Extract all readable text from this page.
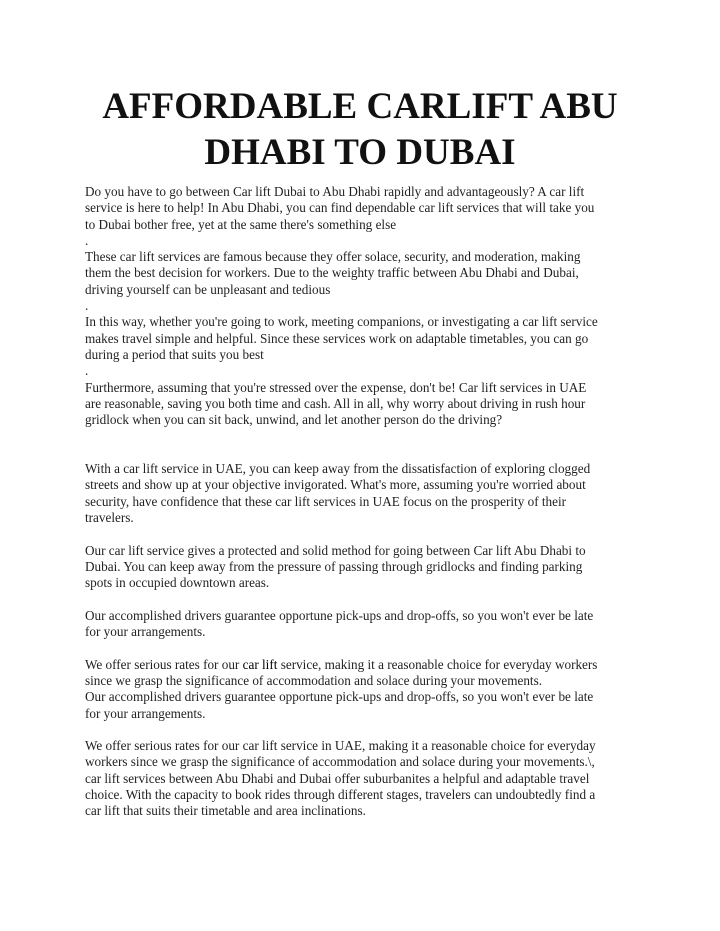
AFFORDABLE CARLIFT ABU
DHABI TO DUBAI
Do you have to go between Car lift Dubai to Abu Dhabi rapidly and advantageously? A car lift
service is here to help! In Abu Dhabi, you can find dependable car lift services that will take you
to Dubai bother free, yet at the same there's something else
.
These car lift services are famous because they offer solace, security, and moderation, making
them the best decision for workers. Due to the weighty traffic between Abu Dhabi and Dubai,
driving yourself can be unpleasant and tedious
.
In this way, whether you're going to work, meeting companions, or investigating a car lift service
makes travel simple and helpful. Since these services work on adaptable timetables, you can go
during a period that suits you best
.
Furthermore, assuming that you're stressed over the expense, don't be! Car lift services in UAE
are reasonable, saving you both time and cash. All in all, why worry about driving in rush hour
gridlock when you can sit back, unwind, and let another person do the driving?
With a car lift service in UAE, you can keep away from the dissatisfaction of exploring clogged
streets and show up at your objective invigorated. What's more, assuming you're worried about
security, have confidence that these car lift services in UAE focus on the prosperity of their
travelers.
Our car lift service gives a protected and solid method for going between Car lift Abu Dhabi to
Dubai. You can keep away from the pressure of passing through gridlocks and finding parking
spots in occupied downtown areas.
Our accomplished drivers guarantee opportune pick-ups and drop-offs, so you won't ever be late
for your arrangements.
We offer serious rates for our car lift service, making it a reasonable choice for everyday workers
since we grasp the significance of accommodation and solace during your movements.
Our accomplished drivers guarantee opportune pick-ups and drop-offs, so you won't ever be late
for your arrangements.
We offer serious rates for our car lift service in UAE, making it a reasonable choice for everyday
workers since we grasp the significance of accommodation and solace during your movements.\,
car lift services between Abu Dhabi and Dubai offer suburbanites a helpful and adaptable travel
choice. With the capacity to book rides through different stages, travelers can undoubtedly find a
car lift that suits their timetable and area inclinations.
